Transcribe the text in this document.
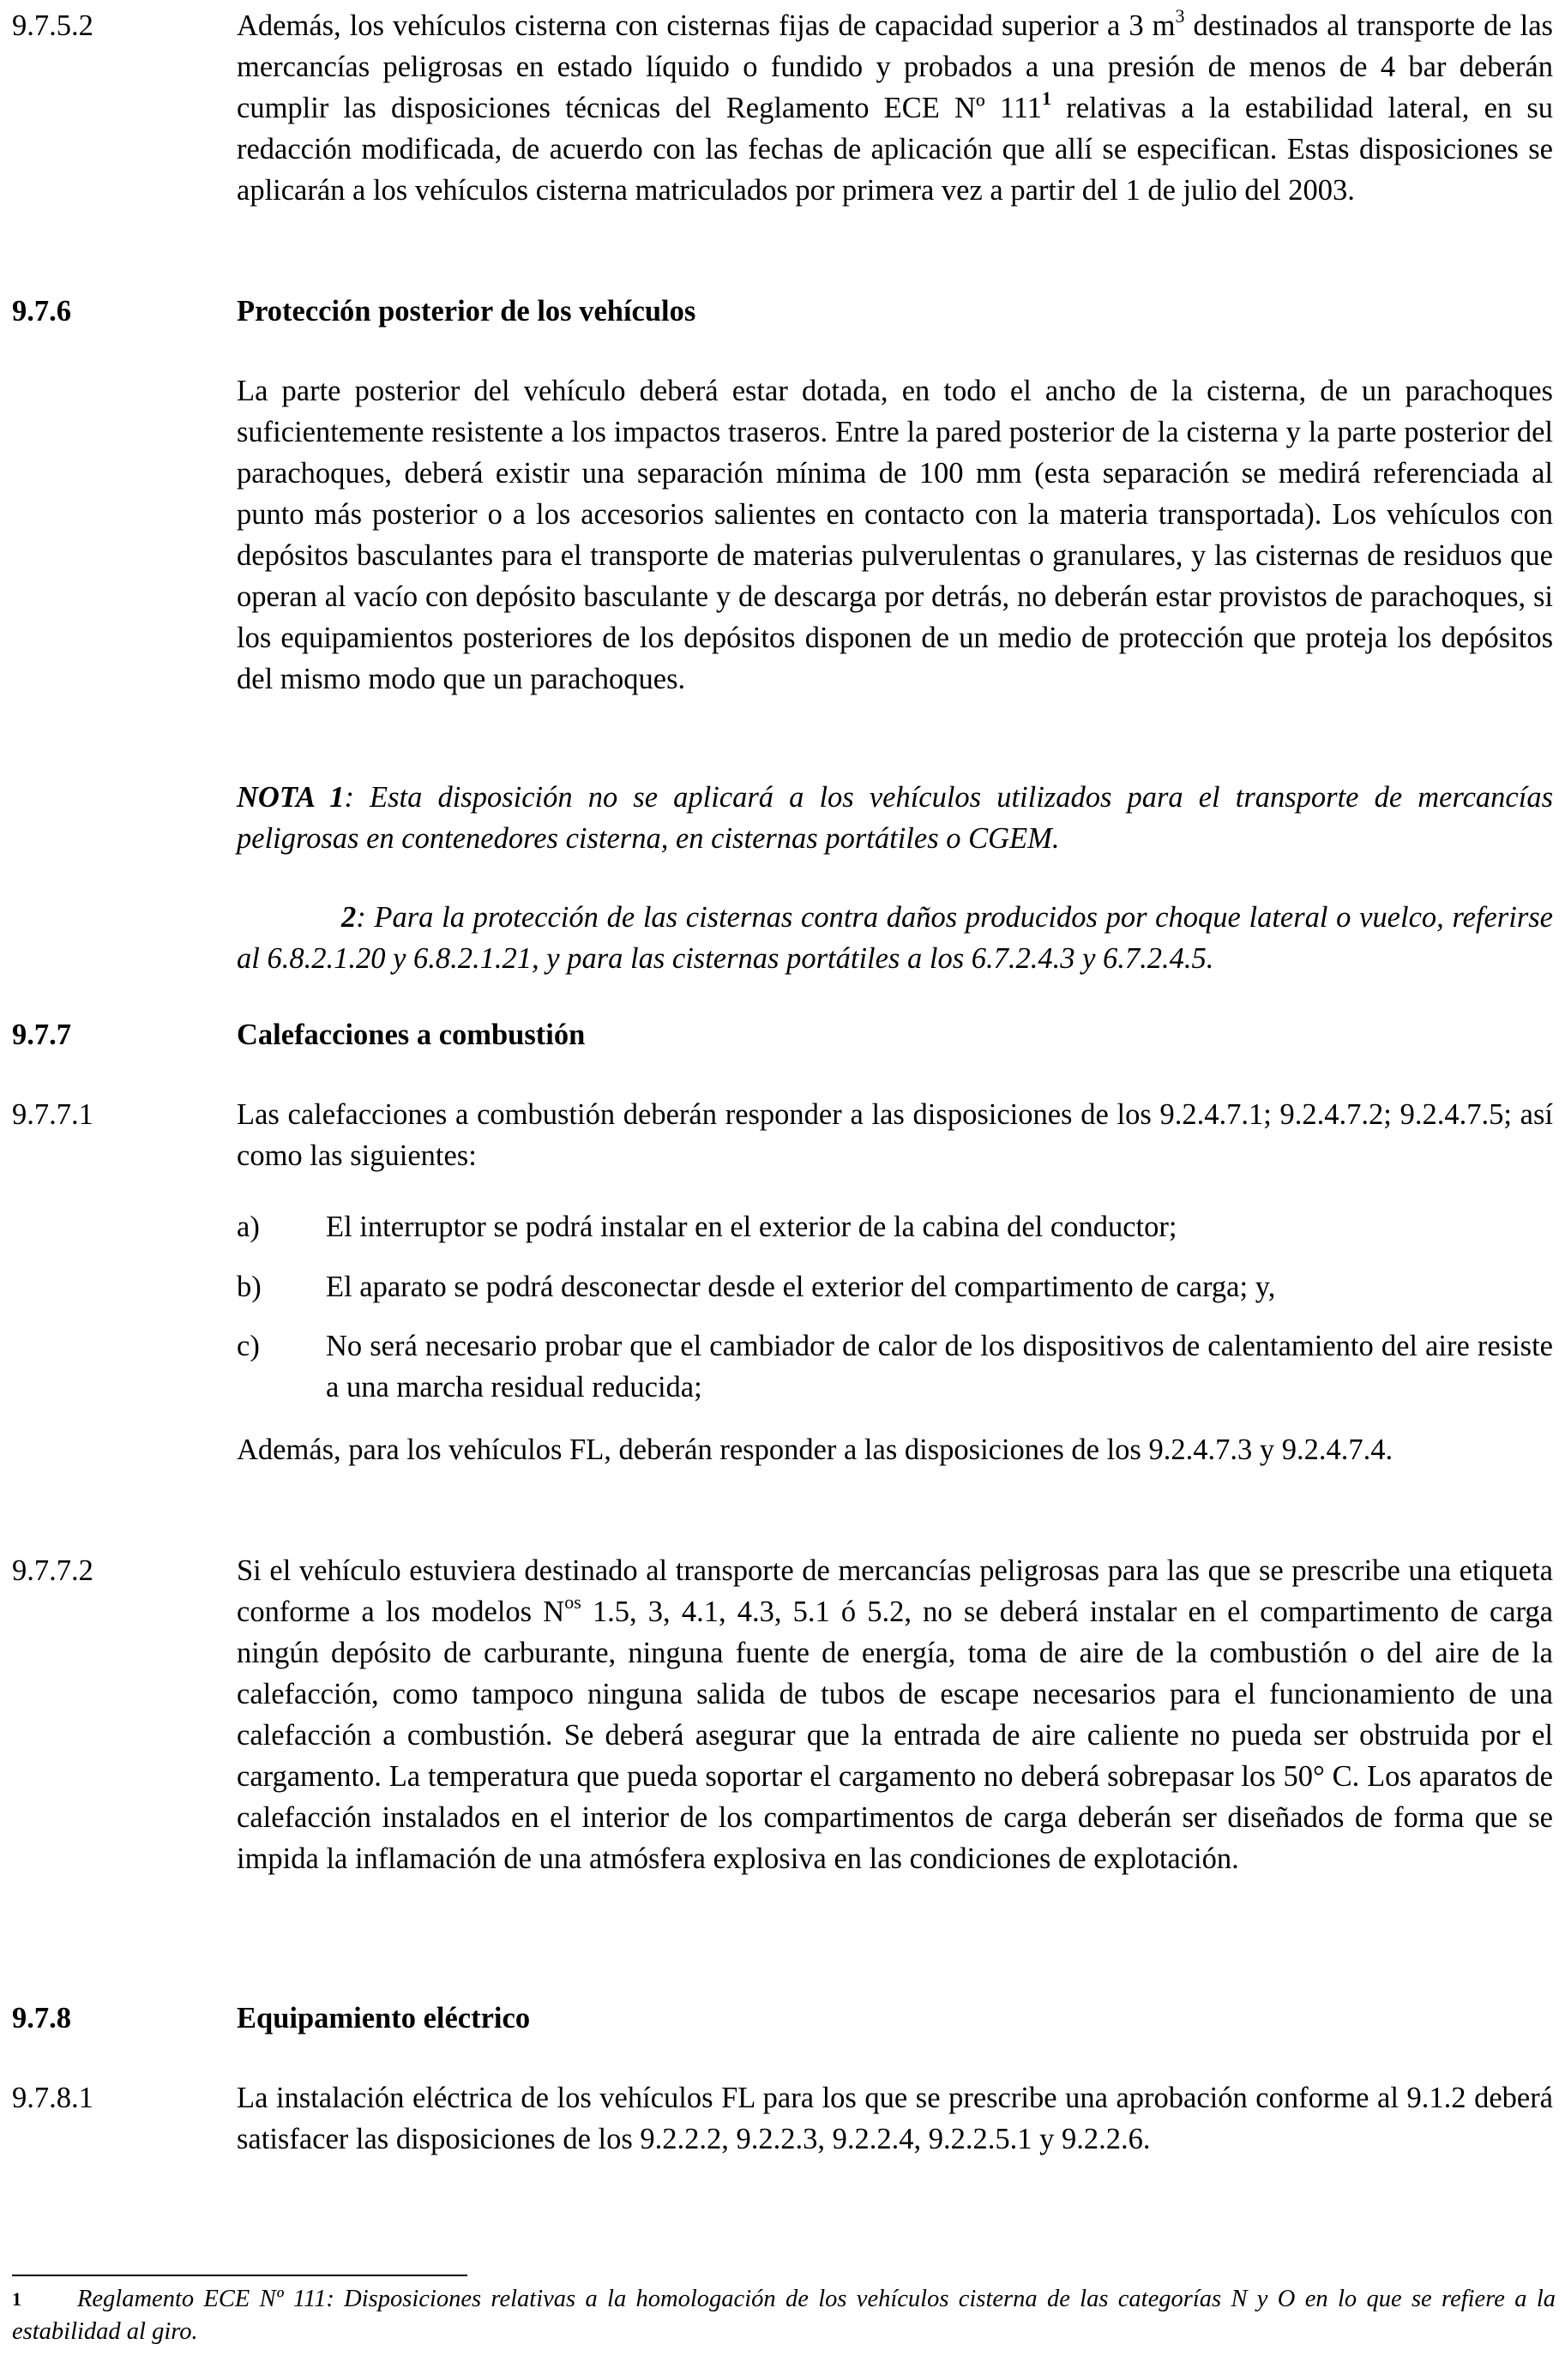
9.7.5.2	Además, los vehículos cisterna con cisternas fijas de capacidad superior a 3 $m^3$ destinados al transporte de las mercancías peligrosas en estado líquido o fundido y probados a una presión de menos de 4 bar deberán cumplir las disposiciones técnicas del Reglamento ECE Nº $111^1$ relativas a la estabilidad lateral, en su redacción modificada, de acuerdo con las fechas de aplicación que allí se especifican. Estas disposiciones se aplicarán a los vehículos cisterna matriculados por primera vez a partir del 1 de julio del 2003.
9.7.6	Protección posterior de los vehículos
La parte posterior del vehículo deberá estar dotada, en todo el ancho de la cisterna, de un parachoques suficientemente resistente a los impactos traseros. Entre la pared posterior de la cisterna y la parte posterior del parachoques, deberá existir una separación mínima de 100 mm (esta separación se medirá referenciada al punto más posterior o a los accesorios salientes en contacto con la materia transportada). Los vehículos con depósitos basculantes para el transporte de materias pulverulentas o granulares, y las cisternas de residuos que operan al vacío con depósito basculante y de descarga por detrás, no deberán estar provistos de parachoques, si los equipamientos posteriores de los depósitos disponen de un medio de protección que proteja los depósitos del mismo modo que un parachoques.
NOTA 1: Esta disposición no se aplicará a los vehículos utilizados para el transporte de mercancías peligrosas en contenedores cisterna, en cisternas portátiles o CGEM.
2: Para la protección de las cisternas contra daños producidos por choque lateral o vuelco, referirse al 6.8.2.1.20 y 6.8.2.1.21, y para las cisternas portátiles a los 6.7.2.4.3 y 6.7.2.4.5.
9.7.7	Calefacciones a combustión
9.7.7.1	Las calefacciones a combustión deberán responder a las disposiciones de los 9.2.4.7.1; 9.2.4.7.2; 9.2.4.7.5; así como las siguientes:
a)	El interruptor se podrá instalar en el exterior de la cabina del conductor;
b)	El aparato se podrá desconectar desde el exterior del compartimento de carga; y,
c)	No será necesario probar que el cambiador de calor de los dispositivos de calentamiento del aire resiste a una marcha residual reducida;
Además, para los vehículos FL, deberán responder a las disposiciones de los 9.2.4.7.3 y 9.2.4.7.4.
9.7.7.2	Si el vehículo estuviera destinado al transporte de mercancías peligrosas para las que se prescribe una etiqueta conforme a los modelos $N^{os}$ 1.5, 3, 4.1, 4.3, 5.1 ó 5.2, no se deberá instalar en el compartimento de carga ningún depósito de carburante, ninguna fuente de energía, toma de aire de la combustión o del aire de la calefacción, como tampoco ninguna salida de tubos de escape necesarios para el funcionamiento de una calefacción a combustión. Se deberá asegurar que la entrada de aire caliente no pueda ser obstruida por el cargamento. La temperatura que pueda soportar el cargamento no deberá sobrepasar los 50° C. Los aparatos de calefacción instalados en el interior de los compartimentos de carga deberán ser diseñados de forma que se impida la inflamación de una atmósfera explosiva en las condiciones de explotación.
9.7.8	Equipamiento eléctrico
9.7.8.1	La instalación eléctrica de los vehículos FL para los que se prescribe una aprobación conforme al 9.1.2 deberá satisfacer las disposiciones de los 9.2.2.2, 9.2.2.3, 9.2.2.4, 9.2.2.5.1 y 9.2.2.6.
1	Reglamento ECE Nº 111: Disposiciones relativas a la homologación de los vehículos cisterna de las categorías N y O en lo que se refiere a la estabilidad al giro.
